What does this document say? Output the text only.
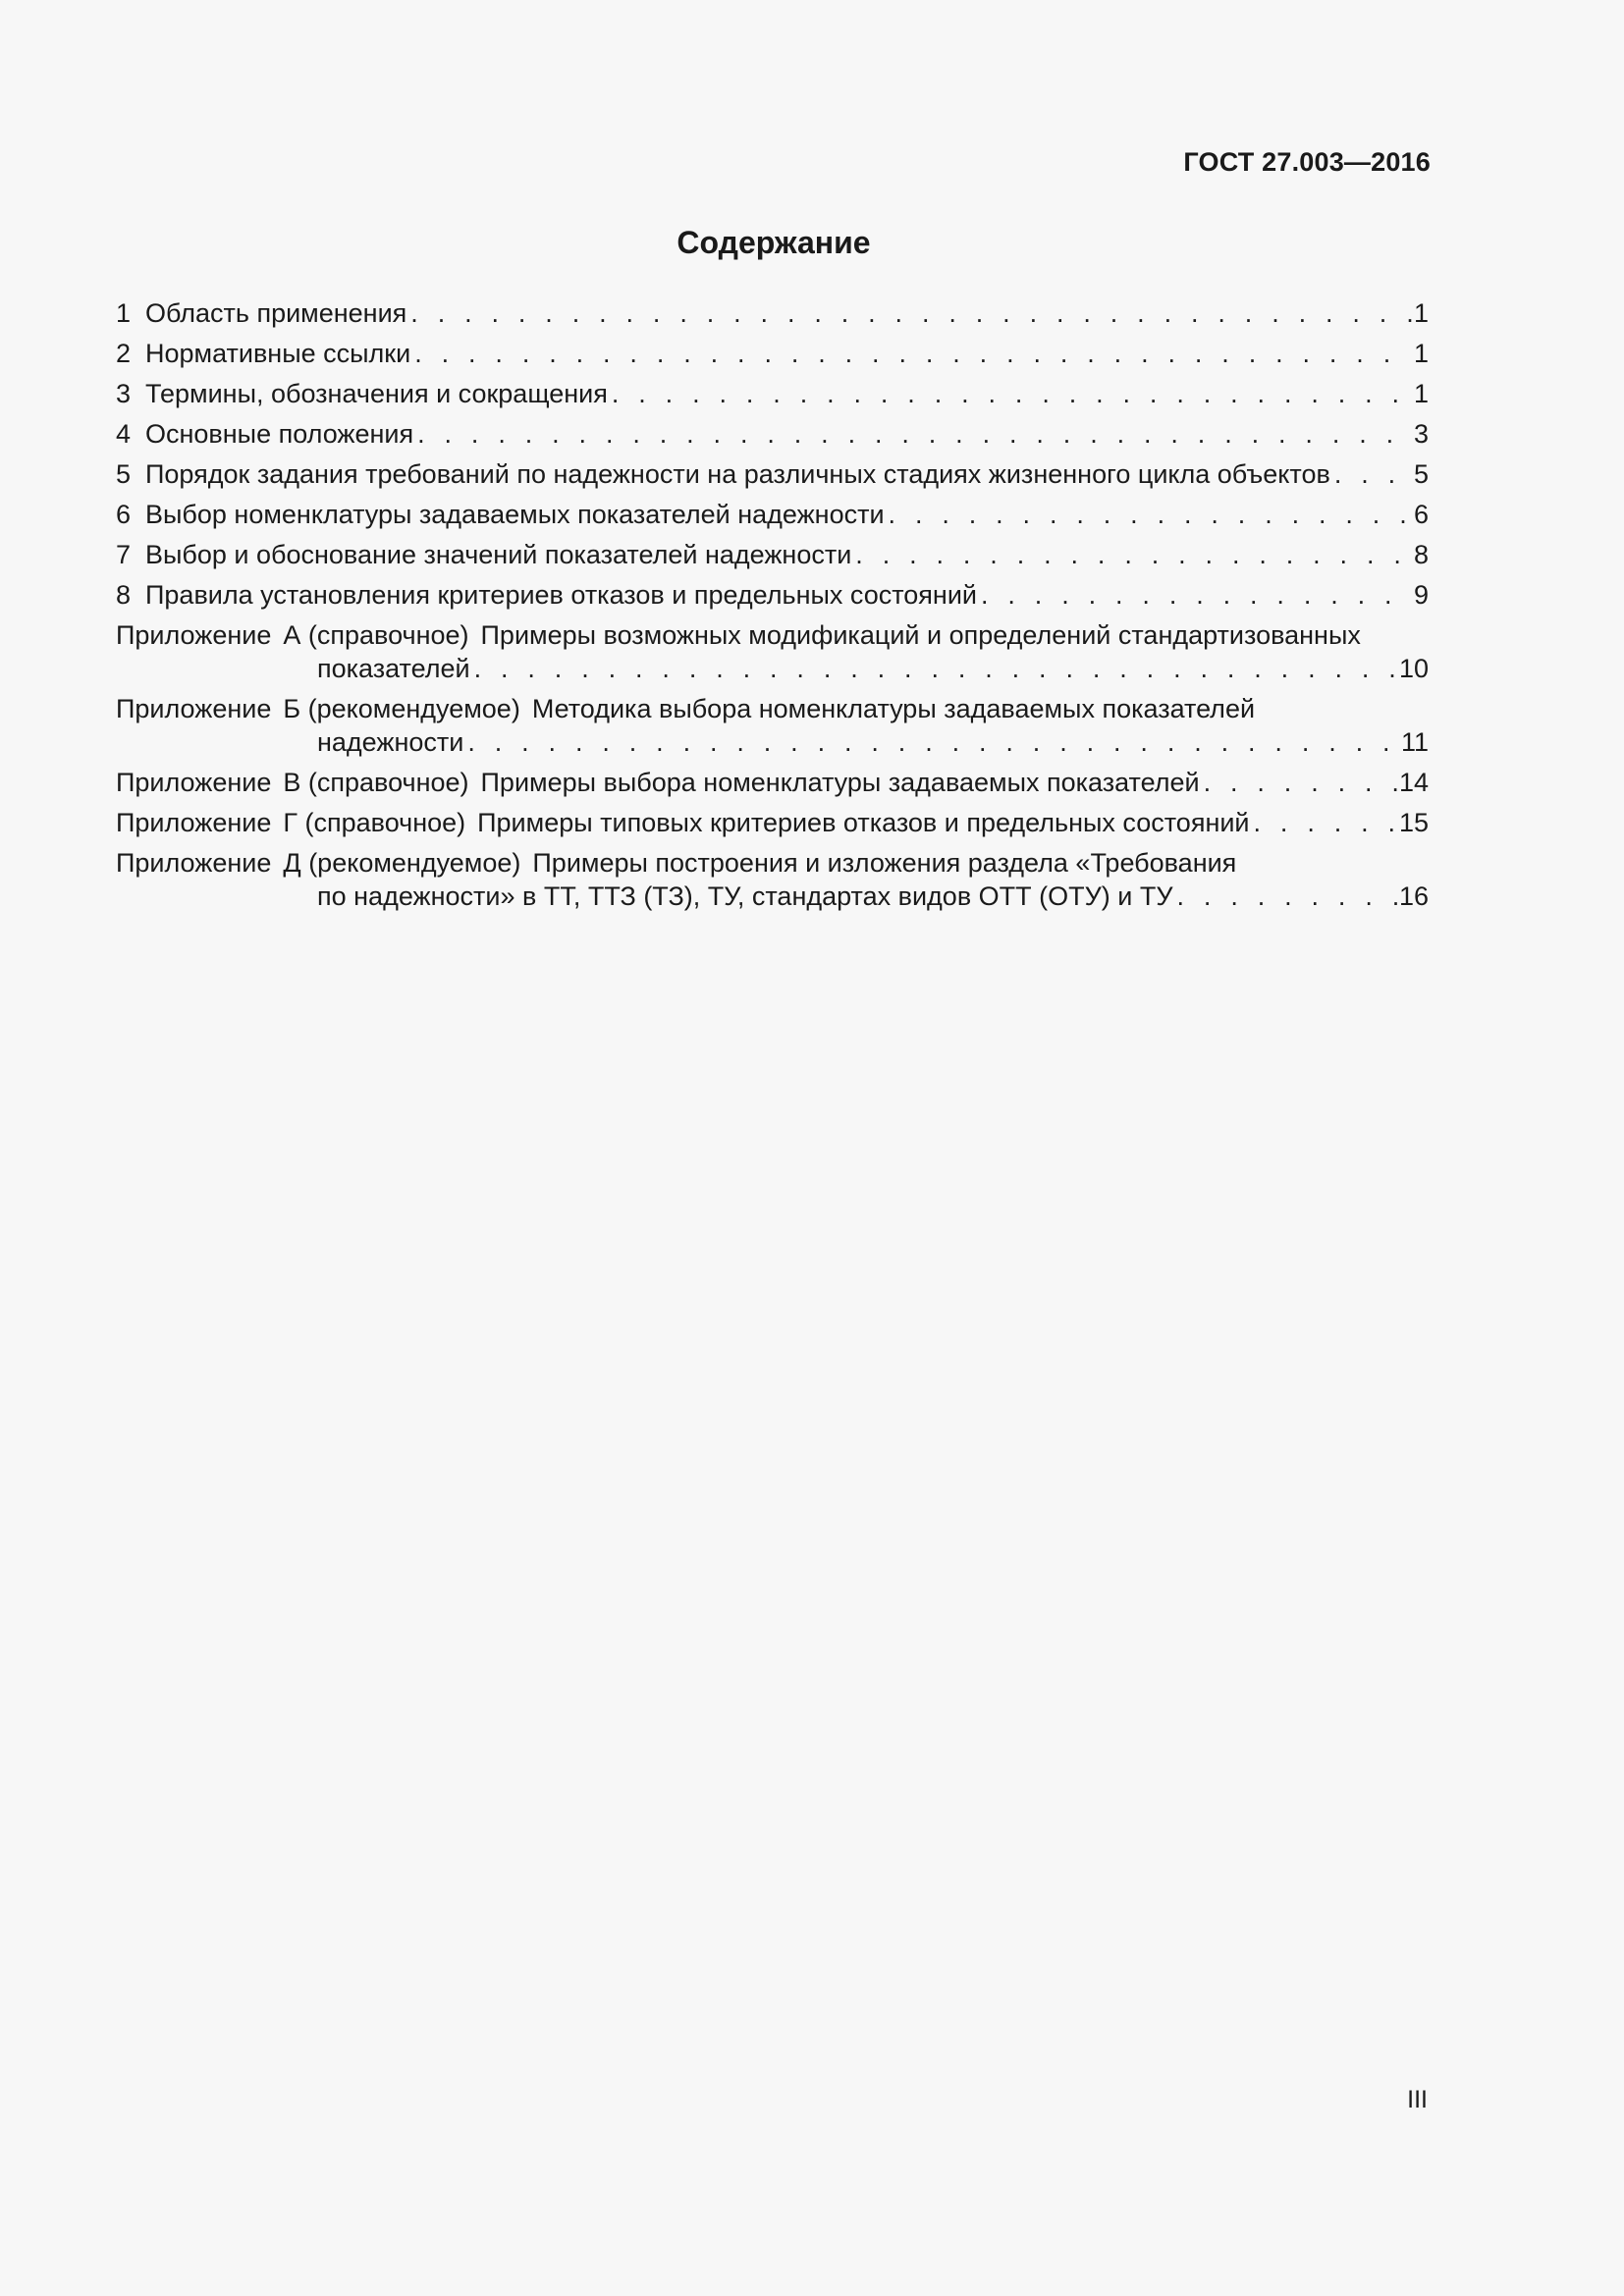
ГОСТ 27.003—2016
Содержание
1 Область применения . . .	1
2 Нормативные ссылки . . .	1
3 Термины, обозначения и сокращения . . .	1
4 Основные положения . . .	3
5 Порядок задания требований по надежности на различных стадиях жизненного цикла объектов . . .	5
6 Выбор номенклатуры задаваемых показателей надежности . . .	6
7 Выбор и обоснование значений показателей надежности . . .	8
8 Правила установления критериев отказов и предельных состояний . . .	9
Приложение А
(справочное) Примеры возможных модификаций и определений стандартизованных
показателей . . .	10
Приложение Б
(рекомендуемое) Методика выбора номенклатуры задаваемых показателей
надежности . . .	11
Приложение В
(справочное) Примеры выбора номенклатуры задаваемых показателей . . .	14
Приложение Г
(справочное) Примеры типовых критериев отказов и предельных состояний . . .	15
Приложение Д
(рекомендуемое) Примеры построения и изложения раздела «Требования
по надежности» в ТТ, ТТЗ (ТЗ), ТУ, стандартах видов ОТТ (ОТУ) и ТУ . . .	16
III
